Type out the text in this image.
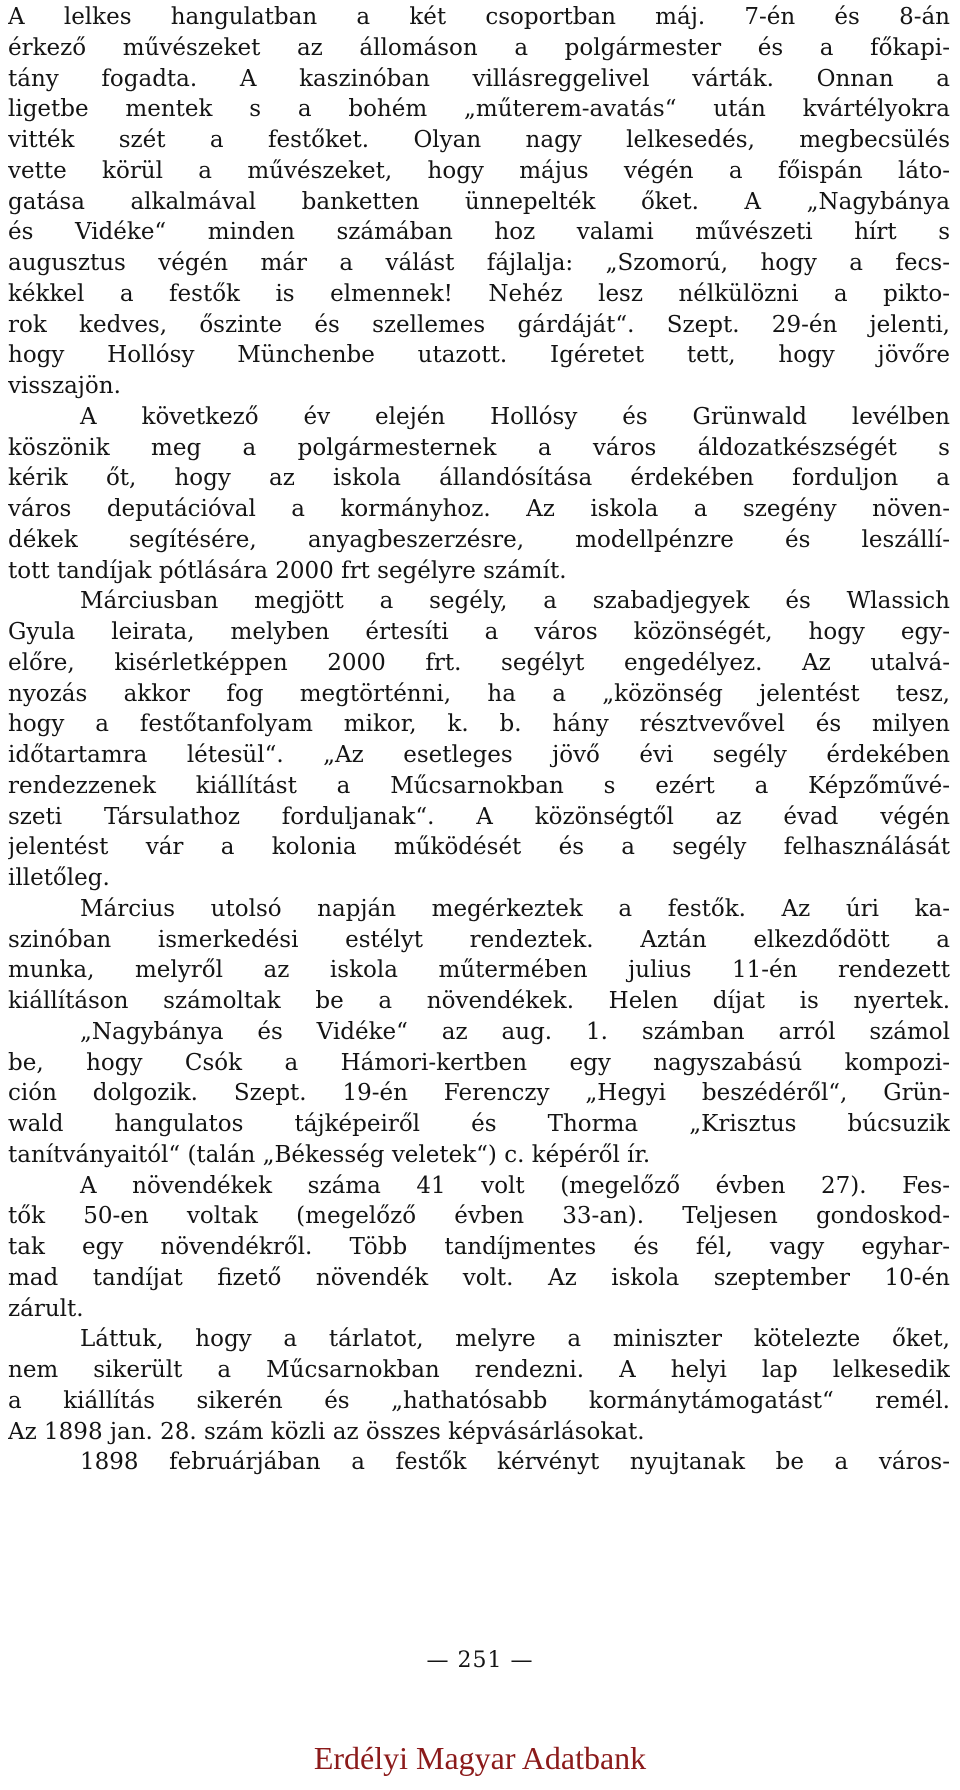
A lelkes hangulatban a két csoportban máj. 7-én és 8-án
érkező művészeket az állomáson a polgármester és a főkapi-
tány fogadta. A kaszinóban villásreggelivel várták. Onnan a
ligetbe mentek s a bohém „műterem-avatás“ után kvártélyokra
vitték szét a festőket. Olyan nagy lelkesedés, megbecsülés
vette körül a művészeket, hogy május végén a főispán láto-
gatása alkalmával banketten ünnepelték őket. A „Nagybánya
és Vidéke“ minden számában hoz valami művészeti hírt s
augusztus végén már a válást fájlalja: „Szomorú, hogy a fecs-
kékkel a festők is elmennek! Nehéz lesz nélkülözni a pikto-
rok kedves, őszinte és szellemes gárdáját“. Szept. 29-én jelenti,
hogy Hollósy Münchenbe utazott. Igéretet tett, hogy jövőre
visszajön.
A következő év elején Hollósy és Grünwald levélben
köszönik meg a polgármesternek a város áldozatkészségét s
kérik őt, hogy az iskola állandósítása érdekében forduljon a
város deputációval a kormányhoz. Az iskola a szegény növen-
dékek segítésére, anyagbeszerzésre, modellpénzre és leszállí-
tott tandíjak pótlására 2000 frt segélyre számít.
Márciusban megjött a segély, a szabadjegyek és Wlassich
Gyula leirata, melyben értesíti a város közönségét, hogy egy-
előre, kisérletképpen 2000 frt. segélyt engedélyez. Az utalvá-
nyozás akkor fog megtörténni, ha a „közönség jelentést tesz,
hogy a festőtanfolyam mikor, k. b. hány résztvevővel és milyen
időtartamra létesül“. „Az esetleges jövő évi segély érdekében
rendezzenek kiállítást a Műcsarnokban s ezért a Képzőművé-
szeti Társulathoz forduljanak“. A közönségtől az évad végén
jelentést vár a kolonia működését és a segély felhasználását
illetőleg.
Március utolsó napján megérkeztek a festők. Az úri ka-
szinóban ismerkedési estélyt rendeztek. Aztán elkezdődött a
munka, melyről az iskola műtermében julius 11-én rendezett
kiállításon számoltak be a növendékek. Helen díjat is nyertek.
„Nagybánya és Vidéke“ az aug. 1. számban arról számol
be, hogy Csók a Hámori-kertben egy nagyszabású kompozi-
ción dolgozik. Szept. 19-én Ferenczy „Hegyi beszédéről“, Grün-
wald hangulatos tájképeiről és Thorma „Krisztus búcsuzik
tanítványaitól“ (talán „Békesség veletek“) c. képéről ír.
A növendékek száma 41 volt (megelőző évben 27). Fes-
tők 50-en voltak (megelőző évben 33-an). Teljesen gondoskod-
tak egy növendékről. Több tandíjmentes és fél, vagy egyhar-
mad tandíjat fizető növendék volt. Az iskola szeptember 10-én
zárult.
Láttuk, hogy a tárlatot, melyre a miniszter kötelezte őket,
nem sikerült a Műcsarnokban rendezni. A helyi lap lelkesedik
a kiállítás sikerén és „hathatósabb kormánytámogatást“ remél.
Az 1898 jan. 28. szám közli az összes képvásárlásokat.
1898 februárjában a festők kérvényt nyujtanak be a város-
— 251 —
Erdélyi Magyar Adatbank
